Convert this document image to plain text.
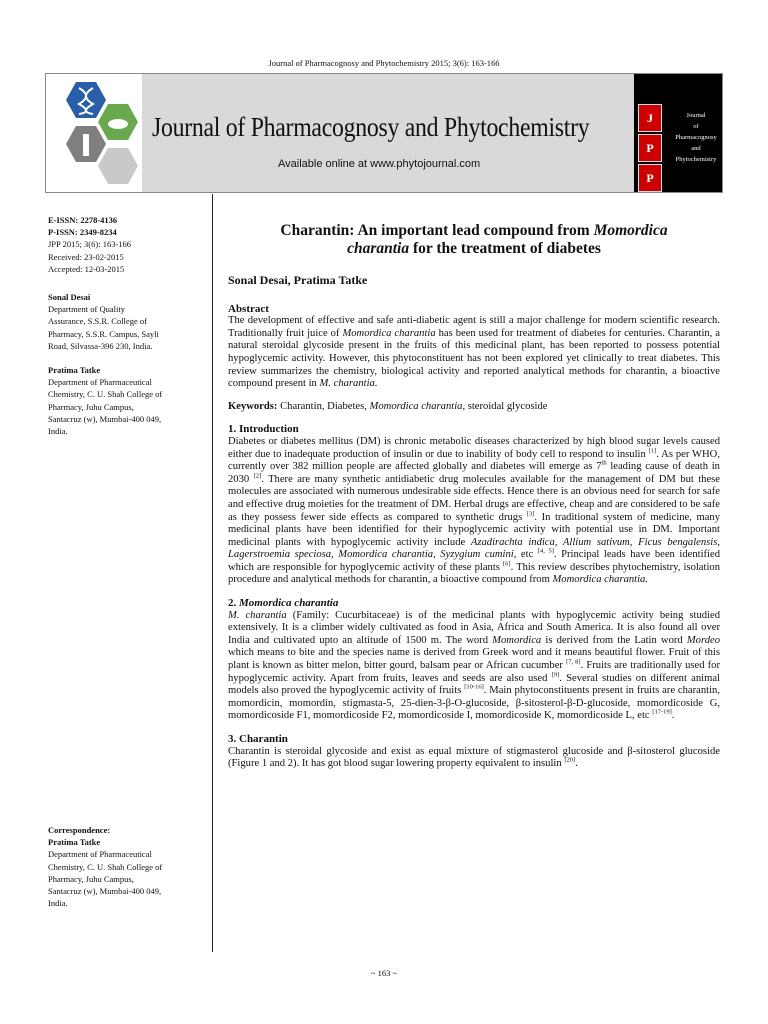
Journal of Pharmacognosy and Phytochemistry 2015; 3(6): 163-166
Journal of Pharmacognosy and Phytochemistry
Available online at www.phytojournal.com
J
P
P
Journal
of
Pharmacognosy
and
Phytochemistry

E-ISSN: 2278-4136

P-ISSN: 2349-8234

JPP 2015; 3(6): 163-166

Received: 23-02-2015

Accepted: 12-03-2015

Sonal Desai

Department of Quality

Assurance, S.S.R. College of

Pharmacy, S.S.R. Campus, Sayli

Road, Silvassa-396 230, India.

Pratima Tatke

Department of Pharmaceutical

Chemistry, C. U. Shah College of

Pharmacy, Juhu Campus,

Santacruz (w), Mumbai-400 049,

India.

Correspondence:

Pratima Tatke

Department of Pharmaceutical

Chemistry, C. U. Shah College of

Pharmacy, Juhu Campus,

Santacruz (w), Mumbai-400 049,

India.

Charantin: An important lead compound from Momordica
charantia for the treatment of diabetes
Sonal Desai, Pratima Tatke

Abstract

The development of effective and safe anti-diabetic agent is still a major challenge for modern scientific research. Traditionally fruit juice of Momordica charantia has been used for treatment of diabetes for centuries. Charantin, a natural steroidal glycoside present in the fruits of this medicinal plant, has been reported to possess potential hypoglycemic activity. However, this phytoconstituent has not been explored yet clinically to treat diabetes. This review summarizes the chemistry, biological activity and reported analytical methods for charantin, a bioactive compound present in M. charantia.

Keywords: Charantin, Diabetes, Momordica charantia, steroidal glycoside

1. Introduction

Diabetes or diabetes mellitus (DM) is chronic metabolic diseases characterized by high blood sugar levels caused either due to inadequate production of insulin or due to inability of body cell to respond to insulin [1]. As per WHO, currently over 382 million people are affected globally and diabetes will emerge as 7th leading cause of death in 2030 [2]. There are many synthetic antidiabetic drug molecules available for the management of DM but these molecules are associated with numerous undesirable side effects. Hence there is an obvious need for search for safe and effective drug moieties for the treatment of DM. Herbal drugs are effective, cheap and are considered to be safe as they possess fewer side effects as compared to synthetic drugs [3]. In traditional system of medicine, many medicinal plants have been identified for their hypoglycemic activity with potential use in DM. Important medicinal plants with hypoglycemic activity include Azadirachta indica, Allium sativum, Ficus bengalensis, Lagerstroemia speciosa, Momordica charantia, Syzygium cumini, etc [4, 5]. Principal leads have been identified which are responsible for hypoglycemic activity of these plants [6]. This review describes phytochemistry, isolation procedure and analytical methods for charantin, a bioactive compound from Momordica charantia.

2. Momordica charantia

M. charantia (Family: Cucurbitaceae) is of the medicinal plants with hypoglycemic activity being studied extensively. It is a climber widely cultivated as food in Asia, Africa and South America. It is also found all over India and cultivated upto an altitude of 1500 m. The word Momordica is derived from the Latin word Mordeo which means to bite and the species name is derived from Greek word and it means beautiful flower. Fruit of this plant is known as bitter melon, bitter gourd, balsam pear or African cucumber [7, 8]. Fruits are traditionally used for hypoglycemic activity. Apart from fruits, leaves and seeds are also used [9]. Several studies on different animal models also proved the hypoglycemic activity of fruits [10-16]. Main phytoconstituents present in fruits are charantin, momordicin, momordin, stigmasta-5, 25-dien-3-β-O-glucoside, β-sitosterol-β-D-glucoside, momordicoside G, momordicoside F1, momordicoside F2, momordicoside I, momordicoside K, momordicoside L, etc [17-19].

3. Charantin

Charantin is steroidal glycoside and exist as equal mixture of stigmasterol glucoside and β-sitosterol glucoside (Figure 1 and 2). It has got blood sugar lowering property equivalent to insulin [20].

~ 163 ~
